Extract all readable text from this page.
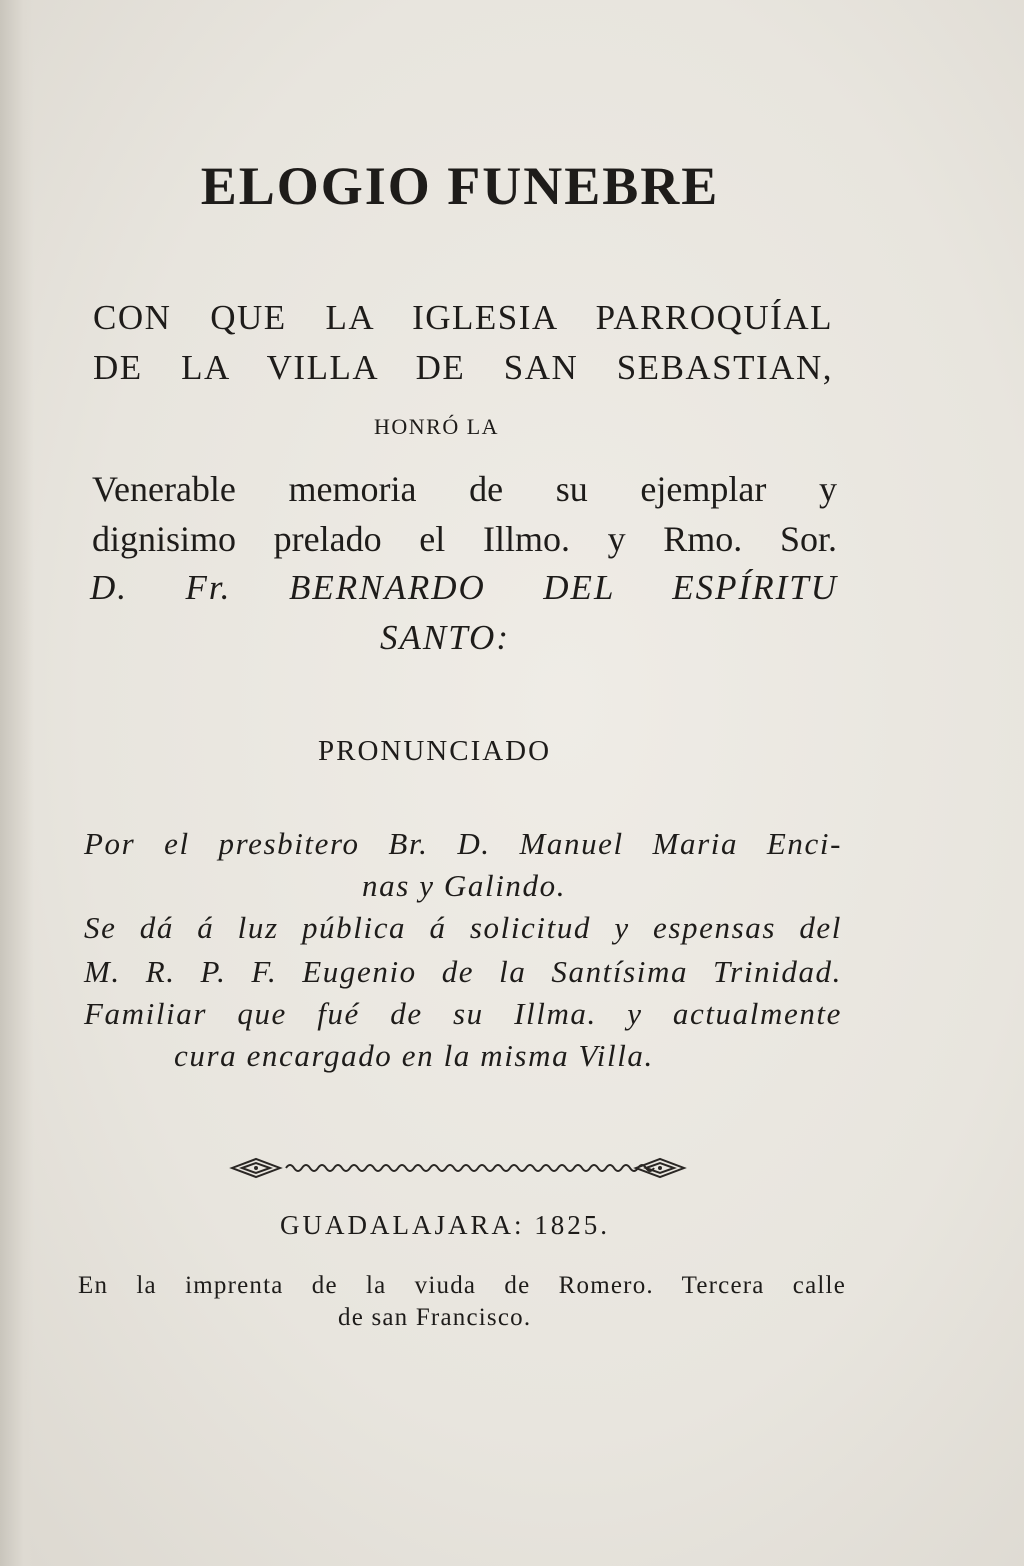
ELOGIO FUNEBRE
CON QUE LA IGLESIA PARROQUÍAL
DE LA VILLA DE SAN SEBASTIAN,
HONRÓ LA
Venerable memoria de su ejemplar y
dignisimo prelado el Illmo. y Rmo. Sor.
D. Fr. BERNARDO DEL ESPÍRITU
SANTO:
PRONUNCIADO
Por el presbitero Br. D. Manuel Maria Enci-
nas y Galindo.
Se dá á luz pública á solicitud y espensas del
M. R. P. F. Eugenio de la Santísima Trinidad.
Familiar que fué de su Illma. y actualmente
cura encargado en la misma Villa.
GUADALAJARA: 1825.
En la imprenta de la viuda de Romero. Tercera calle
de san Francisco.
